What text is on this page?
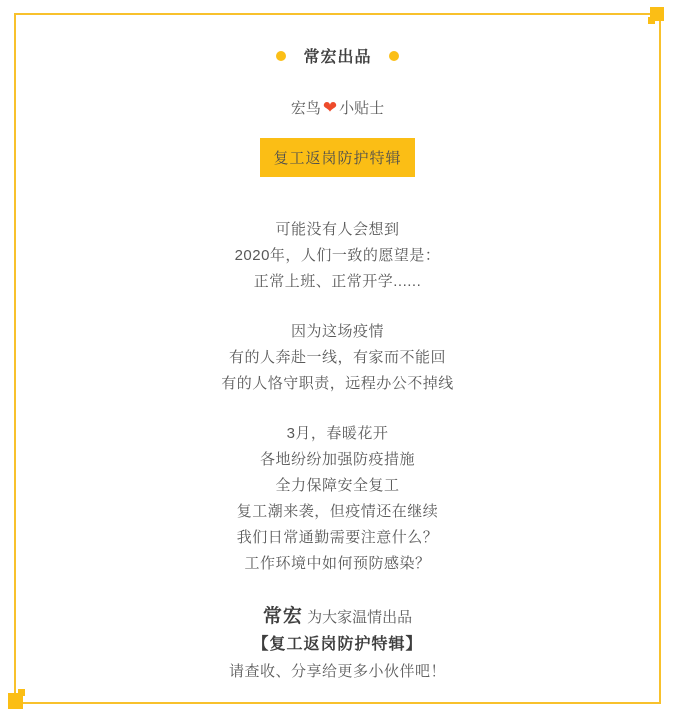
常宏出品
宏鸟 ❤ 小贴士
复工返岗防护特辑

可能没有人会想到
2020年，人们一致的愿望是：
正常上班、正常开学......

因为这场疫情
有的人奔赴一线，有家而不能回
有的人恪守职责，远程办公不掉线

3月，春暖花开
各地纷纷加强防疫措施
全力保障安全复工
复工潮来袭，但疫情还在继续
我们日常通勤需要注意什么？
工作环境中如何预防感染？

常宏 为大家温情出品
【复工返岗防护特辑】
请查收、分享给更多小伙伴吧！
